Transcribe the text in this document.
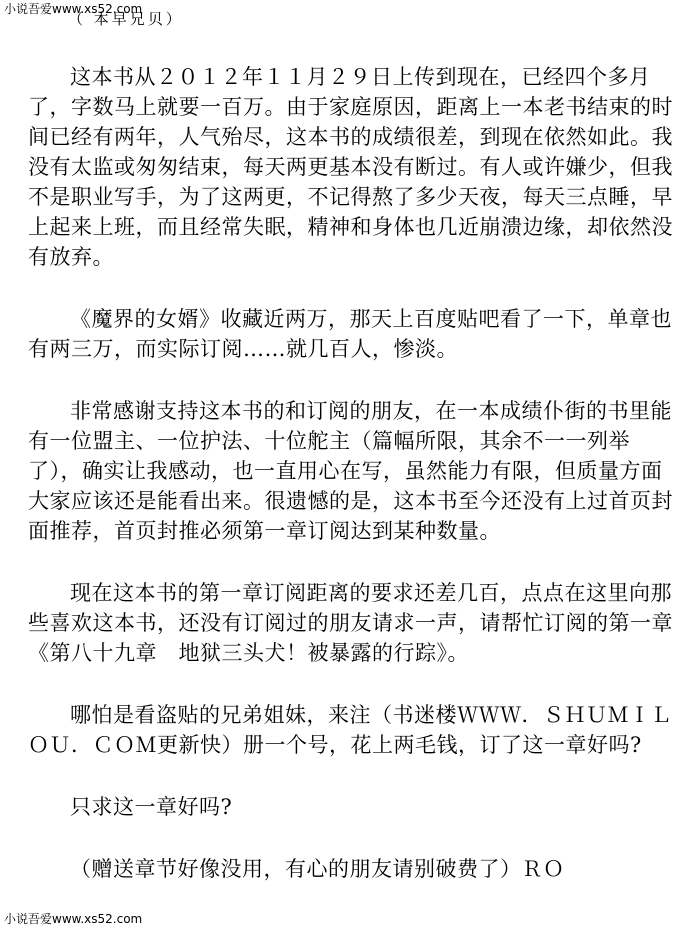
小说吾爱www.xs52.com
（ 本早兄贝）

这本书从２０１２年１１月２９日上传到现在，已经四个多月了，字数马上就要一百万。由于家庭原因，距离上一本老书结束的时间已经有两年，人气殆尽，这本书的成绩很差，到现在依然如此。我没有太监或匆匆结束，每天两更基本没有断过。有人或许嫌少，但我不是职业写手，为了这两更，不记得熬了多少天夜，每天三点睡，早上起来上班，而且经常失眠，精神和身体也几近崩溃边缘，却依然没有放弃。

《魔界的女婿》收藏近两万，那天上百度贴吧看了一下，单章也有两三万，而实际订阅……就几百人，惨淡。

非常感谢支持这本书的和订阅的朋友，在一本成绩仆街的书里能有一位盟主、一位护法、十位舵主（篇幅所限，其余不一一列举了），确实让我感动，也一直用心在写，虽然能力有限，但质量方面大家应该还是能看出来。很遗憾的是，这本书至今还没有上过首页封面推荐，首页封推必须第一章订阅达到某种数量。

现在这本书的第一章订阅距离的要求还差几百，点点在这里向那些喜欢这本书，还没有订阅过的朋友请求一声，请帮忙订阅的第一章《第八十九章　地狱三头犬！被暴露的行踪》。

哪怕是看盗贴的兄弟姐妹，来注（书迷楼ＷＷＷ．ＳＨＵＭＩＬＯＵ．ＣＯＭ更新快）册一个号，花上两毛钱，订了这一章好吗?

只求这一章好吗?

（赠送章节好像没用，有心的朋友请别破费了）ＲＯ

小说吾爱www.xs52.com
